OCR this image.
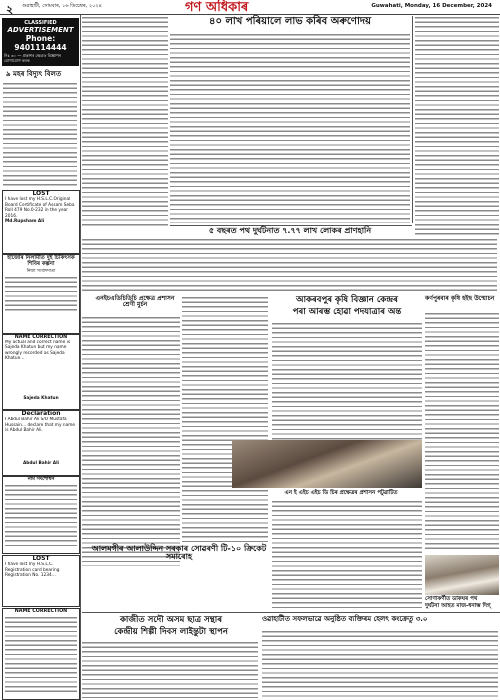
২ গুৱাহাটী, সোমবাৰ, ১৬ ডিচেম্বৰ, ২০২৪	গণ অধিকাৰ	Guwahati, Monday, 16 December, 2024
CLASSIFIED
ADVERTISEMENT
Phone: 9401114444
নিঃ ৩০ — প্ৰকাশৰ ক্ষেত্ৰত বিজ্ঞাপন যোগাযোগ কৰক
৯ মহৰ বিদ্যুৎ বিলত
LOST
I have lost my H.S.L.C.Original Board Certificate of Assam Seba Roll 479 No.0-232 in the year 2016.
Md.Rupsham Ali
হাজোৰ নিলামীত দুই চিকিৎসক শিবিৰ কল্পনা
নিজা সংবাদদাতা
NAME CORRECTION
My actual and correct name is Sajeda Khatun but my name wrongly recorded as Sajeda Khatun...
Sajeda Khatun
Declaration
I Abdul Bahir Ali S/O Mustafa Hussain... declare that my name is Abdul Bahir Ali.
Abdul Bahir Ali
নাম সংশোধন
LOST
I have lost my H.S.L.C. Registration card bearing Registration No. 1234...
NAME CORRECTION
৪০ লাখ পৰিয়ালে লাভ কৰিব অৰুণোদয়
৫ বছৰত পথ দুৰ্ঘটনাত ৭.৭৭ লাখ লোকৰ প্ৰাণহানি
এনইচএডিচিডিচি প্ৰক্ষেত্ৰ প্ৰশাসন শ্ৰেণী মুৰ্চন
আলমগীৰ আলাউদ্দিন সৰকাৰ সোৱৰণী টি-১০ ক্ৰিকেট সমাৰোহ
আকৰবপুৰ কৃষি বিজ্ঞান কেন্দ্ৰৰ
পৰা আৰম্ভ হোৱা পদযাত্ৰাৰ অন্ত
এন ই এইচ এইচ ডি চিৰ প্ৰক্ষেত্ৰৰ প্ৰশাসন পটুৱাটিত
কৰ্ণপুৰবাৰ কৃষি হইছ উন্মোচন
সোণাকৰ্ণীত ডাকঘৰ পথ
দুৰ্ঘটনা আহত মাজ-ধনাম্ভ দিগ্
কাজীত সদৌ অসম ছাত্ৰ সন্থাৰ
কেন্দ্ৰীয় শিল্পী দিবস লাইন্তুটা স্থাপন
ওৱাহাটীত সফলভাৱে অনুষ্ঠিত ব্যক্তিৰম হেলৎ কংক্ৰেতু ৩.০
